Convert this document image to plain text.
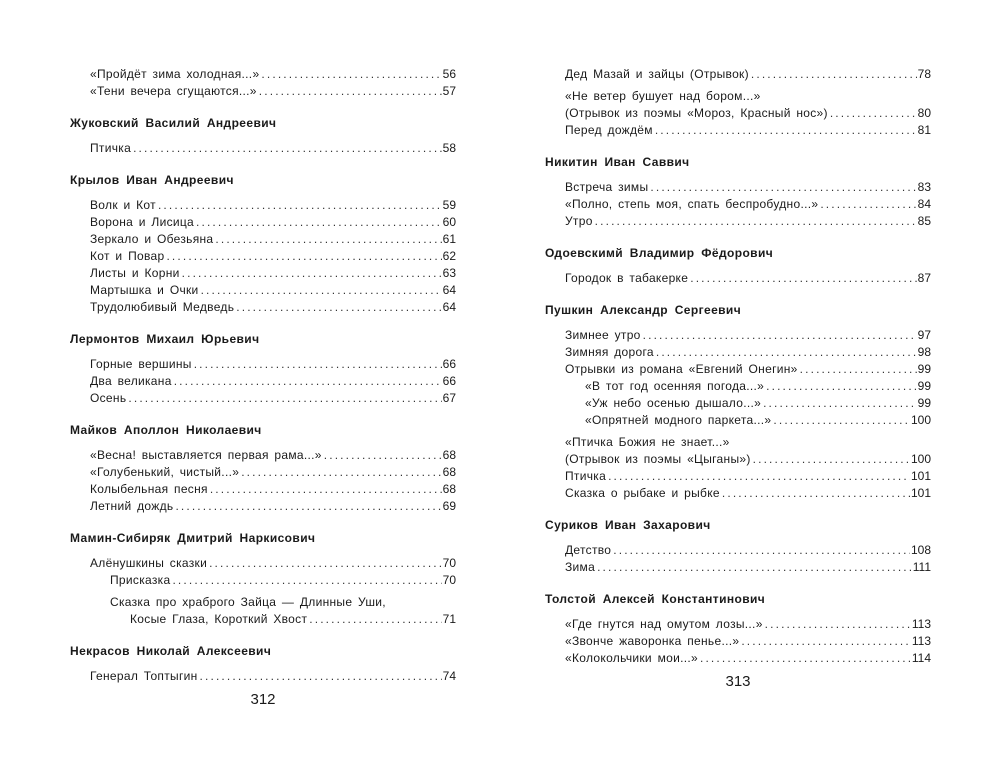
«Пройдёт зима холодная...» . . .	56
«Тени вечера сгущаются...» . . .	57
Жуковский Василий Андреевич
Птичка . . .	58
Крылов Иван Андреевич
Волк и Кот . . .	59
Ворона и Лисица . . .	60
Зеркало и Обезьяна . . .	61
Кот и Повар . . .	62
Листы и Корни . . .	63
Мартышка и Очки . . .	64
Трудолюбивый Медведь . . .	64
Лермонтов Михаил Юрьевич
Горные вершины . . .	66
Два великана . . .	66
Осень . . .	67
Майков Аполлон Николаевич
«Весна! выставляется первая рама...» . . .	68
«Голубенький, чистый...» . . .	68
Колыбельная песня . . .	68
Летний дождь . . .	69
Мамин-Сибиряк Дмитрий Наркисович
Алёнушкины сказки . . .	70
Присказка . . .	70
Сказка про храброго Зайца — Длинные Уши,
Косые Глаза, Короткий Хвост . . .	71
Некрасов Николай Алексеевич
Генерал Топтыгин . . .	74
312
Дед Мазай и зайцы (Отрывок) . . .	78
«Не ветер бушует над бором...»
(Отрывок из поэмы «Мороз, Красный нос») . . .	80
Перед дождём . . .	81
Никитин Иван Саввич
Встреча зимы . . .	83
«Полно, степь моя, спать беспробудно...» . . .	84
Утро . . .	85
Одоевскимй Владимир Фёдорович
Городок в табакерке . . .	87
Пушкин Александр Сергеевич
Зимнее утро . . .	97
Зимняя дорога . . .	98
Отрывки из романа «Евгений Онегин» . . .	99
«В тот год осенняя погода...» . . .	99
«Уж небо осенью дышало...» . . .	99
«Опрятней модного паркета...» . . .	100
«Птичка Божия не знает...»
(Отрывок из поэмы «Цыганы») . . .	100
Птичка . . .	101
Сказка о рыбаке и рыбке . . .	101
Суриков Иван Захарович
Детство . . .	108
Зима . . .	111
Толстой Алексей Константинович
«Где гнутся над омутом лозы...» . . .	113
«Звонче жаворонка пенье...» . . .	113
«Колокольчики мои...» . . .	114
313
